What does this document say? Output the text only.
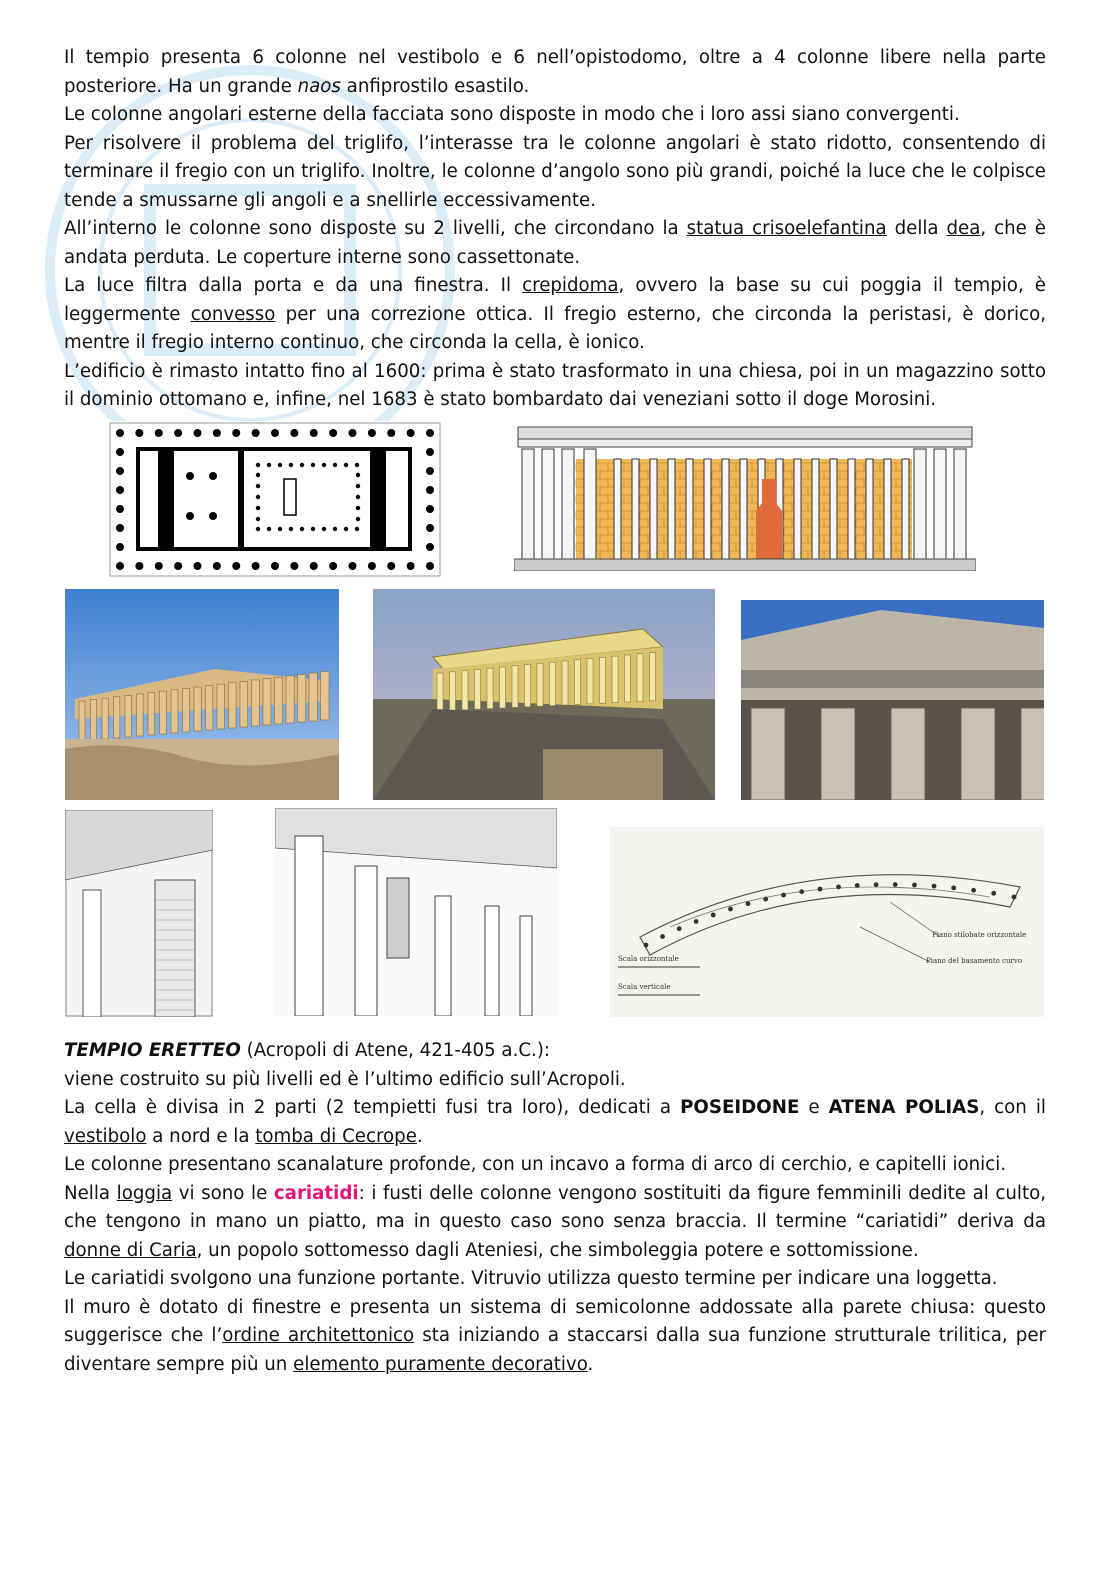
Il tempio presenta 6 colonne nel vestibolo e 6 nell’opistodomo, oltre a 4 colonne libere nella parte posteriore. Ha un grande naos anfiprostilo esastilo.

Le colonne angolari esterne della facciata sono disposte in modo che i loro assi siano convergenti.

Per risolvere il problema del triglifo, l’interasse tra le colonne angolari è stato ridotto, consentendo di terminare il fregio con un triglifo. Inoltre, le colonne d’angolo sono più grandi, poiché la luce che le colpisce tende a smussarne gli angoli e a snellirle eccessivamente.

All’interno le colonne sono disposte su 2 livelli, che circondano la statua crisoelefantina della dea, che è andata perduta. Le coperture interne sono cassettonate.

La luce filtra dalla porta e da una finestra. Il crepidoma, ovvero la base su cui poggia il tempio, è leggermente convesso per una correzione ottica. Il fregio esterno, che circonda la peristasi, è dorico, mentre il fregio interno continuo, che circonda la cella, è ionico.

L’edificio è rimasto intatto fino al 1600: prima è stato trasformato in una chiesa, poi in un magazzino sotto il dominio ottomano e, infine, nel 1683 è stato bombardato dai veneziani sotto il doge Morosini.

Scala orizzontale
Scala verticale
Piano stilobate orizzontale
Piano del basamento curvo

TEMPIO ERETTEO (Acropoli di Atene, 421-405 a.C.):

viene costruito su più livelli ed è l’ultimo edificio sull’Acropoli.

La cella è divisa in 2 parti (2 tempietti fusi tra loro), dedicati a POSEIDONE e ATENA POLIAS, con il vestibolo a nord e la tomba di Cecrope.

Le colonne presentano scanalature profonde, con un incavo a forma di arco di cerchio, e capitelli ionici.

Nella loggia vi sono le cariatidi: i fusti delle colonne vengono sostituiti da figure femminili dedite al culto, che tengono in mano un piatto, ma in questo caso sono senza braccia. Il termine “cariatidi” deriva da donne di Caria, un popolo sottomesso dagli Ateniesi, che simboleggia potere e sottomissione.

Le cariatidi svolgono una funzione portante. Vitruvio utilizza questo termine per indicare una loggetta.

Il muro è dotato di finestre e presenta un sistema di semicolonne addossate alla parete chiusa: questo suggerisce che l’ordine architettonico sta iniziando a staccarsi dalla sua funzione strutturale trilitica, per diventare sempre più un elemento puramente decorativo.
